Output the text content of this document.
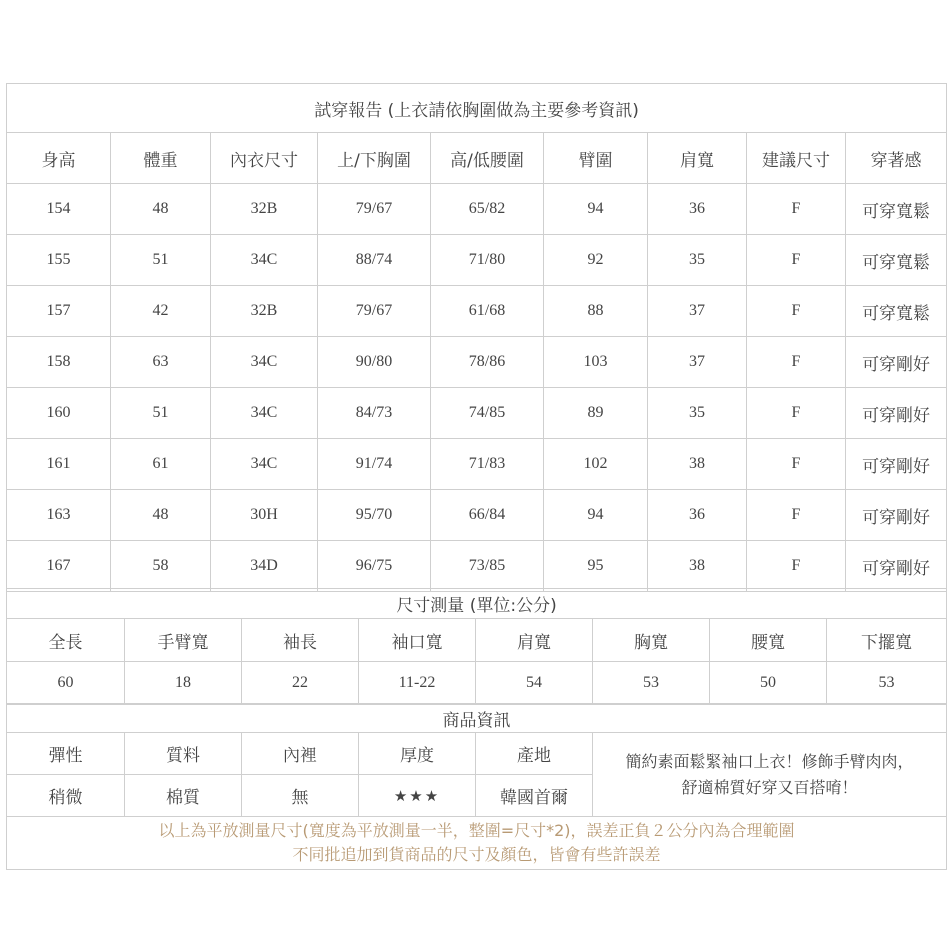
試穿報告 (上衣請依胸圍做為主要參考資訊)								
身高	體重	內衣尺寸	上/下胸圍	高/低腰圍	臂圍	肩寬	建議尺寸	穿著感
154	48	32B	79/67	65/82	94	36	F	可穿寬鬆
155	51	34C	88/74	71/80	92	35	F	可穿寬鬆
157	42	32B	79/67	61/68	88	37	F	可穿寬鬆
158	63	34C	90/80	78/86	103	37	F	可穿剛好
160	51	34C	84/73	74/85	89	35	F	可穿剛好
161	61	34C	91/74	71/83	102	38	F	可穿剛好
163	48	30H	95/70	66/84	94	36	F	可穿剛好
167	58	34D	96/75	73/85	95	38	F	可穿剛好
尺寸測量 (單位:公分)							
全長	手臂寬	袖長	袖口寬	肩寬	胸寬	腰寬	下擺寬
60	18	22	11-22	54	53	50	53
商品資訊					
彈性	質料	內裡	厚度	產地	簡約素面鬆緊袖口上衣！修飾手臂肉肉，
舒適棉質好穿又百搭唷！

稍微	棉質	無	★★★	韓國首爾	

以上為平放測量尺寸(寬度為平放測量一半，整圍=尺寸*2)，誤差正負２公分內為合理範圍
不同批追加到貨商品的尺寸及顏色，皆會有些許誤差					
